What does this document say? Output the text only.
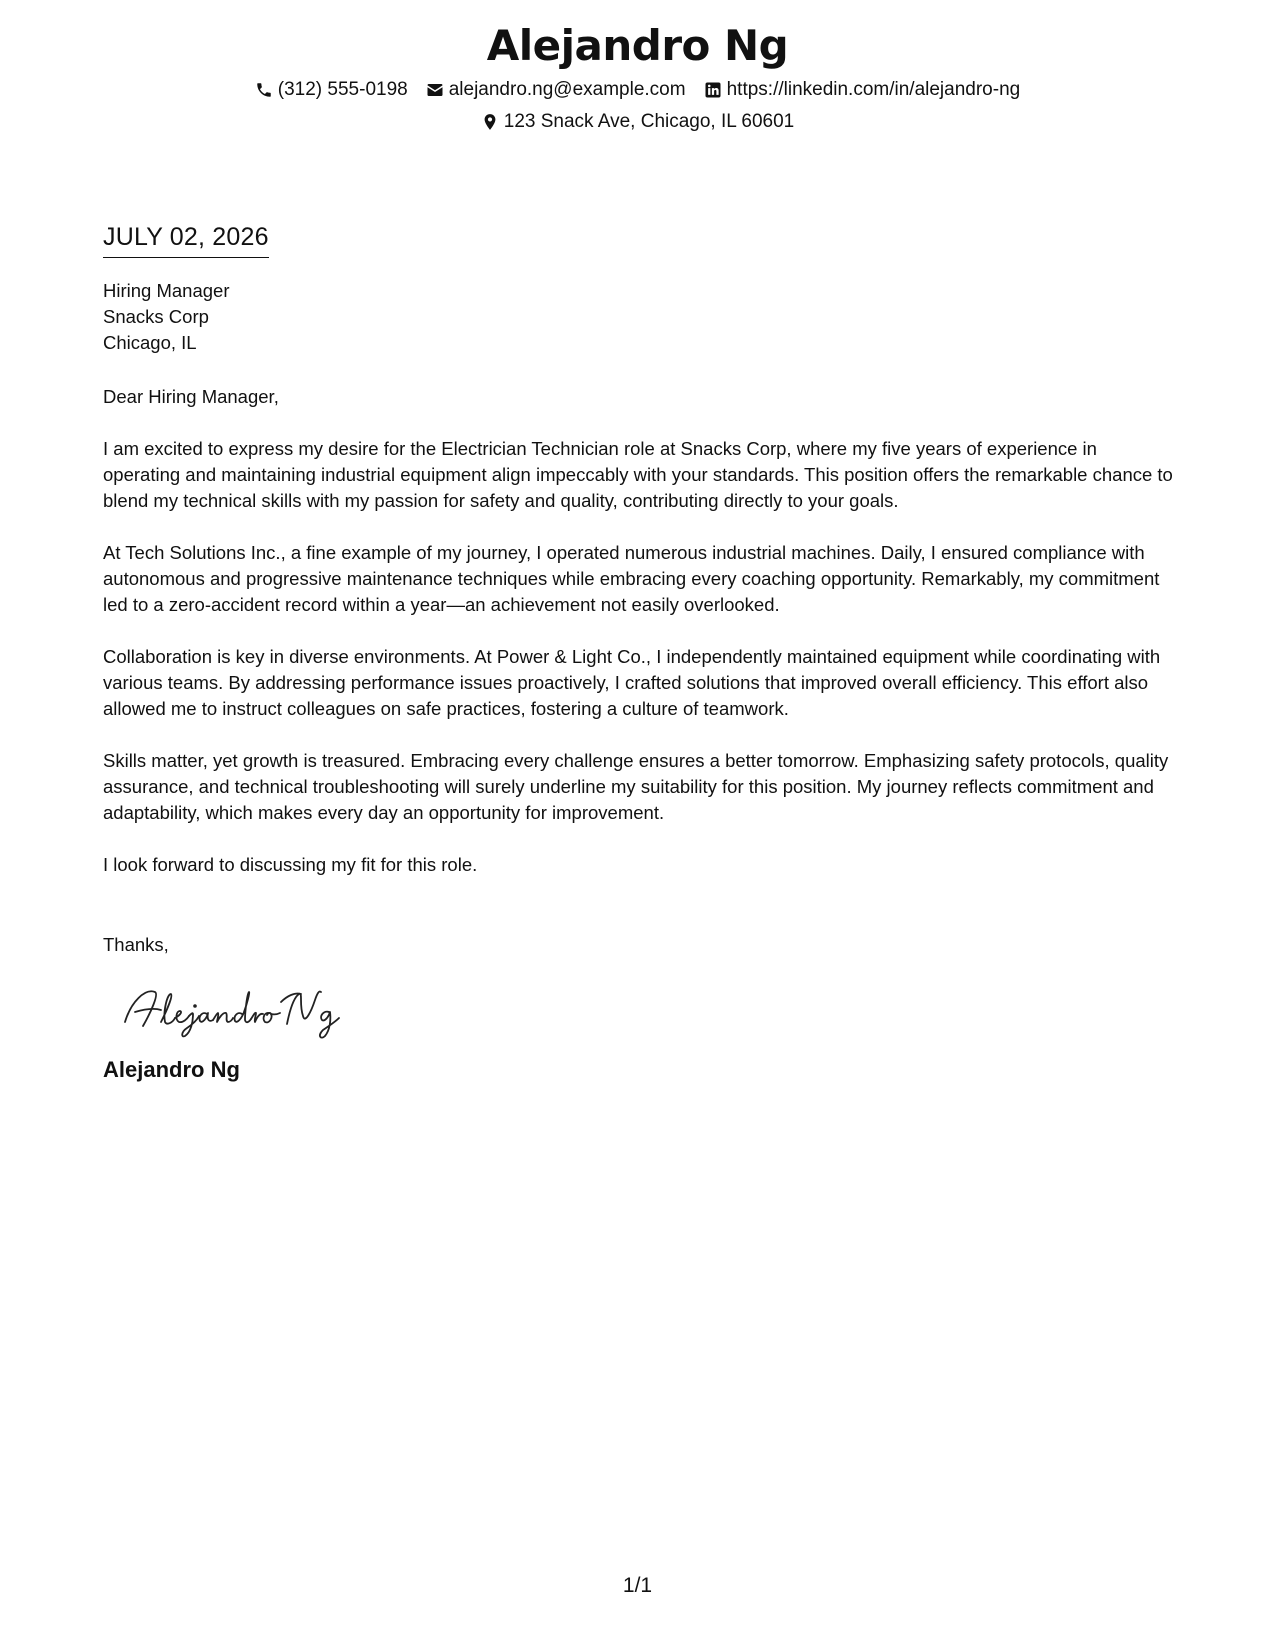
Alejandro Ng
(312) 555-0198 alejandro.ng@example.com https://linkedin.com/in/alejandro-ng
123 Snack Ave, Chicago, IL 60601
JULY 02, 2026
Hiring Manager
Snacks Corp
Chicago, IL
Dear Hiring Manager,
I am excited to express my desire for the Electrician Technician role at Snacks Corp, where my five years of experience in operating and maintaining industrial equipment align impeccably with your standards. This position offers the remarkable chance to blend my technical skills with my passion for safety and quality, contributing directly to your goals.
At Tech Solutions Inc., a fine example of my journey, I operated numerous industrial machines. Daily, I ensured compliance with autonomous and progressive maintenance techniques while embracing every coaching opportunity. Remarkably, my commitment led to a zero-accident record within a year—an achievement not easily overlooked.
Collaboration is key in diverse environments. At Power & Light Co., I independently maintained equipment while coordinating with various teams. By addressing performance issues proactively, I crafted solutions that improved overall efficiency. This effort also allowed me to instruct colleagues on safe practices, fostering a culture of teamwork.
Skills matter, yet growth is treasured. Embracing every challenge ensures a better tomorrow. Emphasizing safety protocols, quality assurance, and technical troubleshooting will surely underline my suitability for this position. My journey reflects commitment and adaptability, which makes every day an opportunity for improvement.
I look forward to discussing my fit for this role.
Thanks,
Alejandro Ng
1/1
